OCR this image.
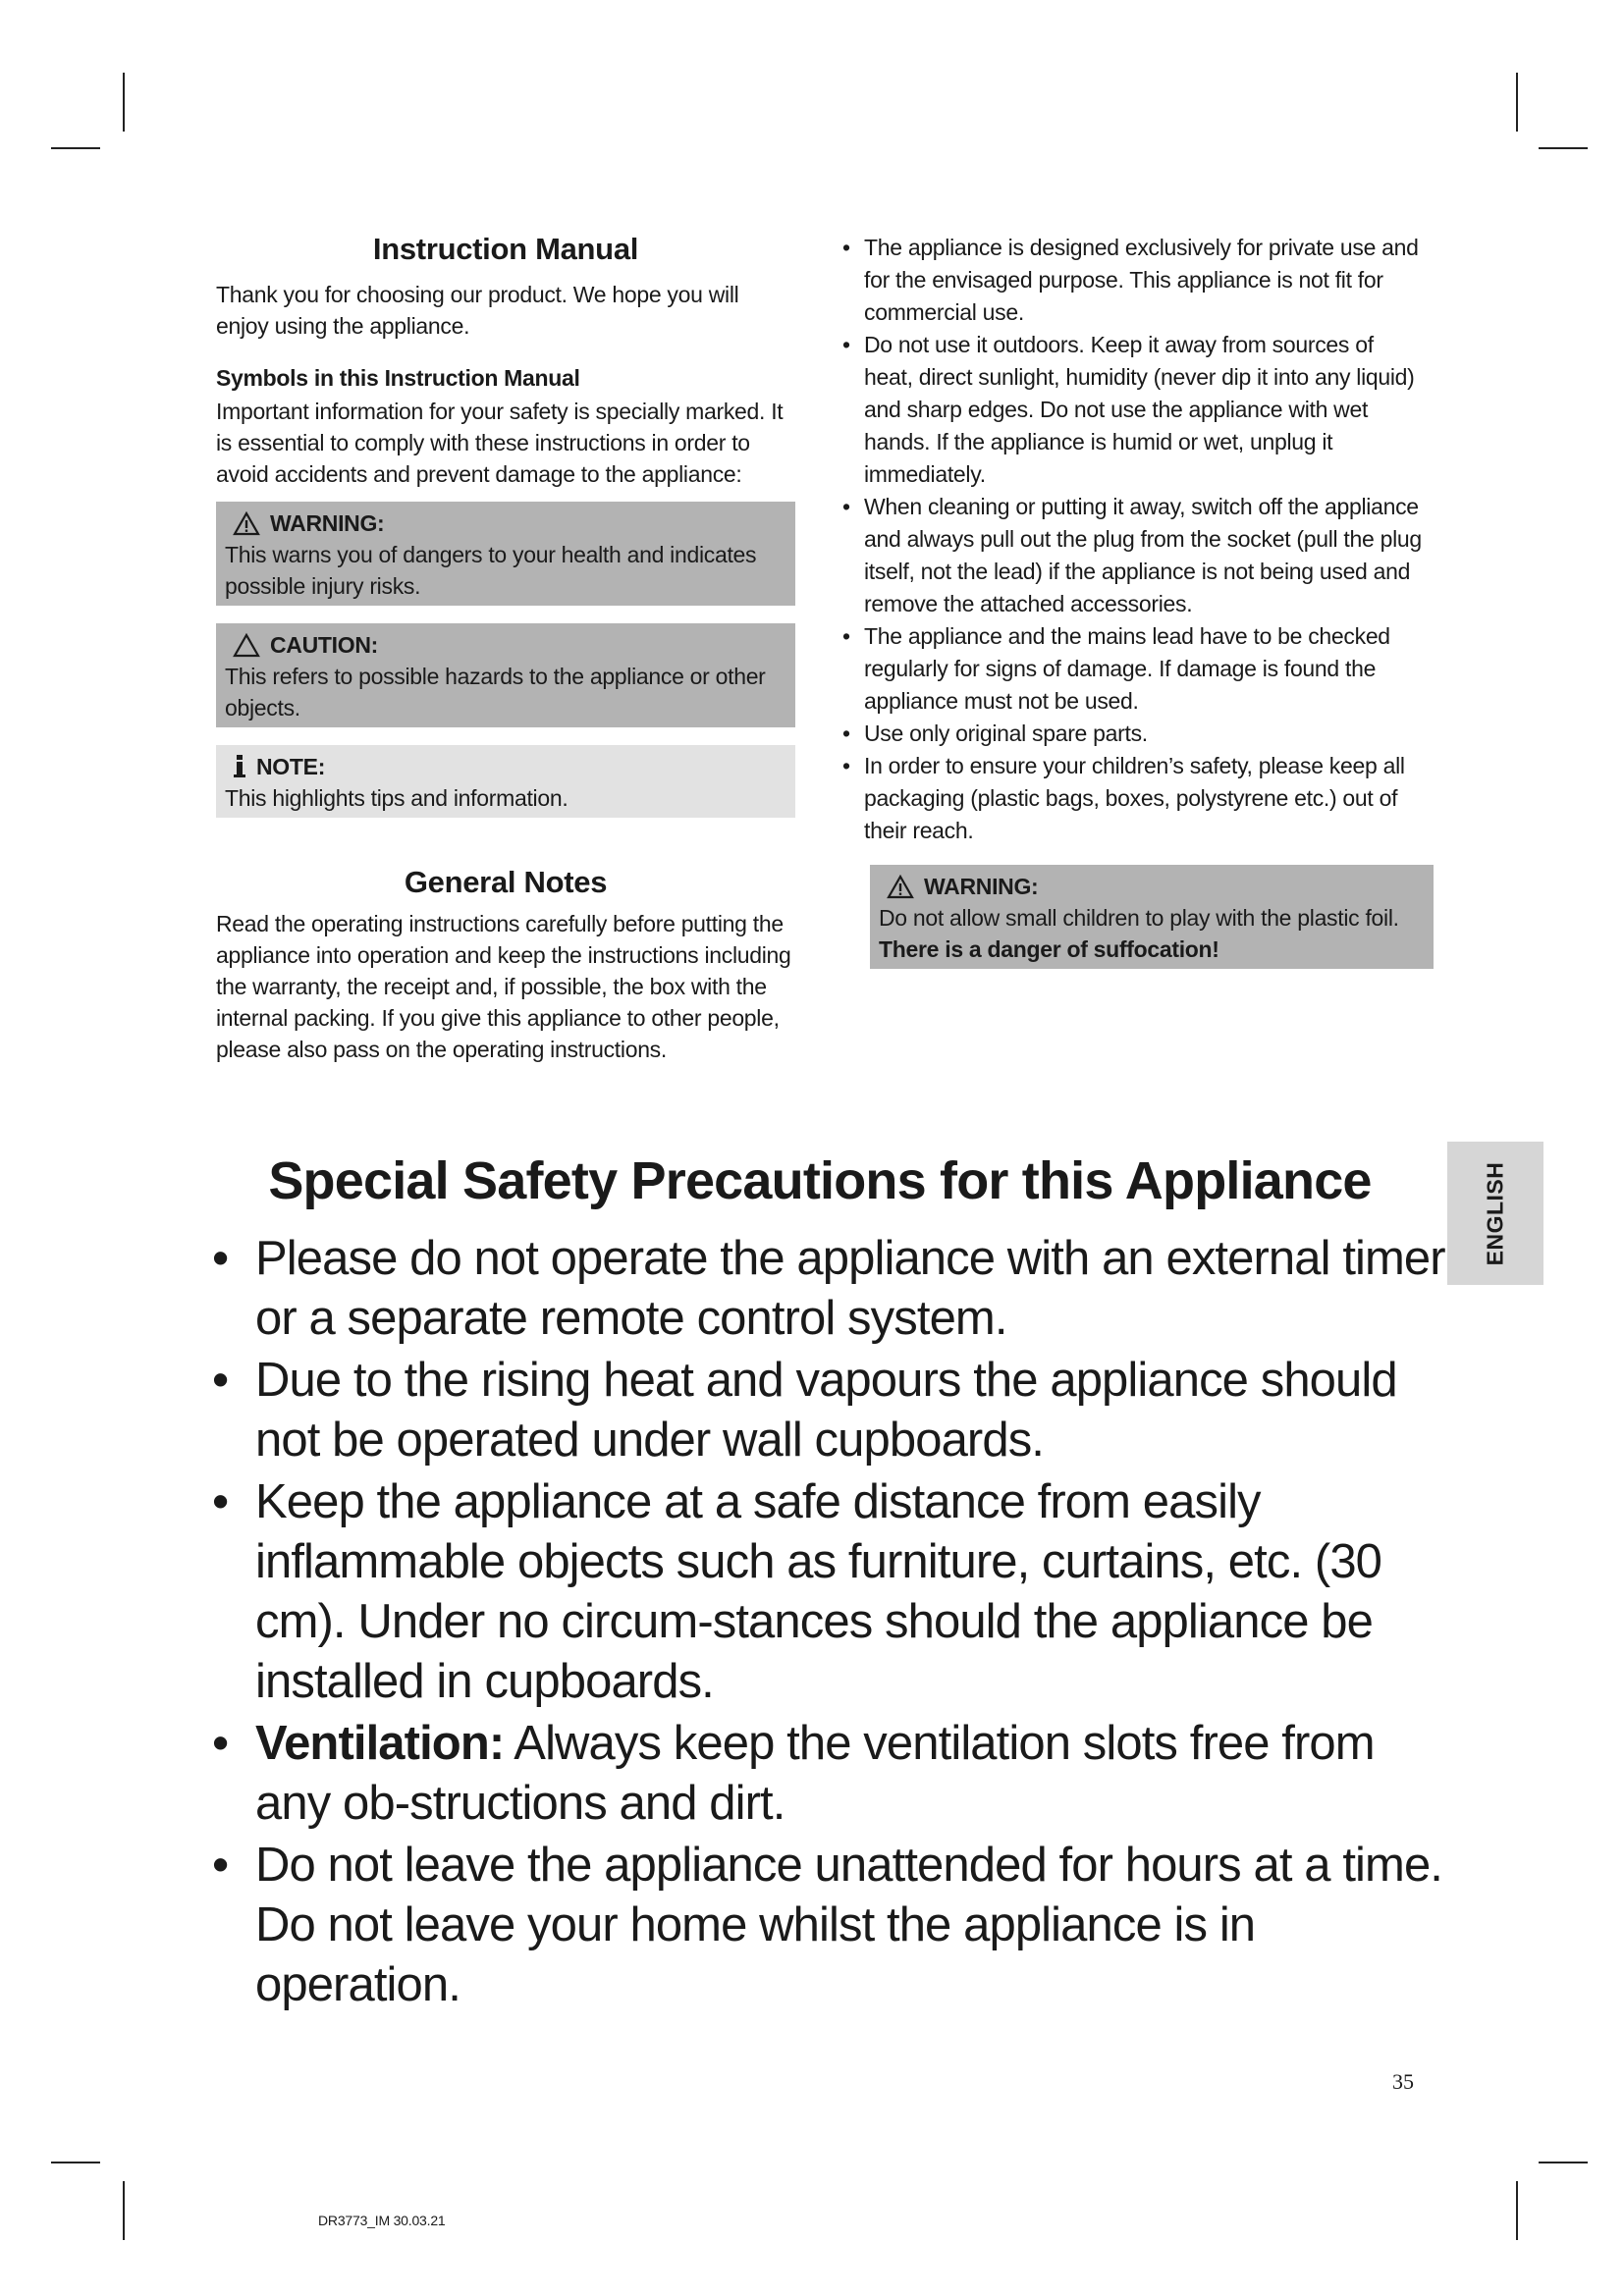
Instruction Manual

Thank you for choosing our product. We hope you will enjoy using the appliance.

Symbols in this Instruction Manual

Important information for your safety is specially marked. It is essential to comply with these instructions in order to avoid accidents and prevent damage to the appliance:

WARNING:
This warns you of dangers to your health and indicates possible injury risks.
CAUTION:
This refers to possible hazards to the appliance or other objects.
NOTE:
This highlights tips and information.
General Notes

Read the operating instructions carefully before putting the appliance into operation and keep the instructions including the warranty, the receipt and, if possible, the box with the internal packing. If you give this appliance to other people, please also pass on the operating instructions.

• The appliance is designed exclusively for private use and for the envisaged purpose. This appliance is not fit for commercial use.
• Do not use it outdoors. Keep it away from sources of heat, direct sunlight, humidity (never dip it into any liquid) and sharp edges. Do not use the appliance with wet hands. If the appliance is humid or wet, unplug it immediately.
• When cleaning or putting it away, switch off the appliance and always pull out the plug from the socket (pull the plug itself, not the lead) if the appliance is not being used and remove the attached accessories.
• The appliance and the mains lead have to be checked regularly for signs of damage. If damage is found the appliance must not be used.
• Use only original spare parts.
• In order to ensure your children’s safety, please keep all packaging (plastic bags, boxes, polystyrene etc.) out of their reach.
WARNING:
Do not allow small children to play with the plastic foil.
There is a danger of suffocation!
Special Safety Precautions for this Appliance
• Please do not operate the appliance with an external timer or a separate remote control system.
• Due to the rising heat and vapours the appliance should not be operated under wall cupboards.
• Keep the appliance at a safe distance from easily inflammable objects such as furniture, curtains, etc. (30 cm). Under no circum-stances should the appliance be installed in cupboards.
• Ventilation: Always keep the ventilation slots free from any ob-structions and dirt.
• Do not leave the appliance unattended for hours at a time. Do not leave your home whilst the appliance is in operation.
ENGLISH
35
DR3773_IM 30.03.21
